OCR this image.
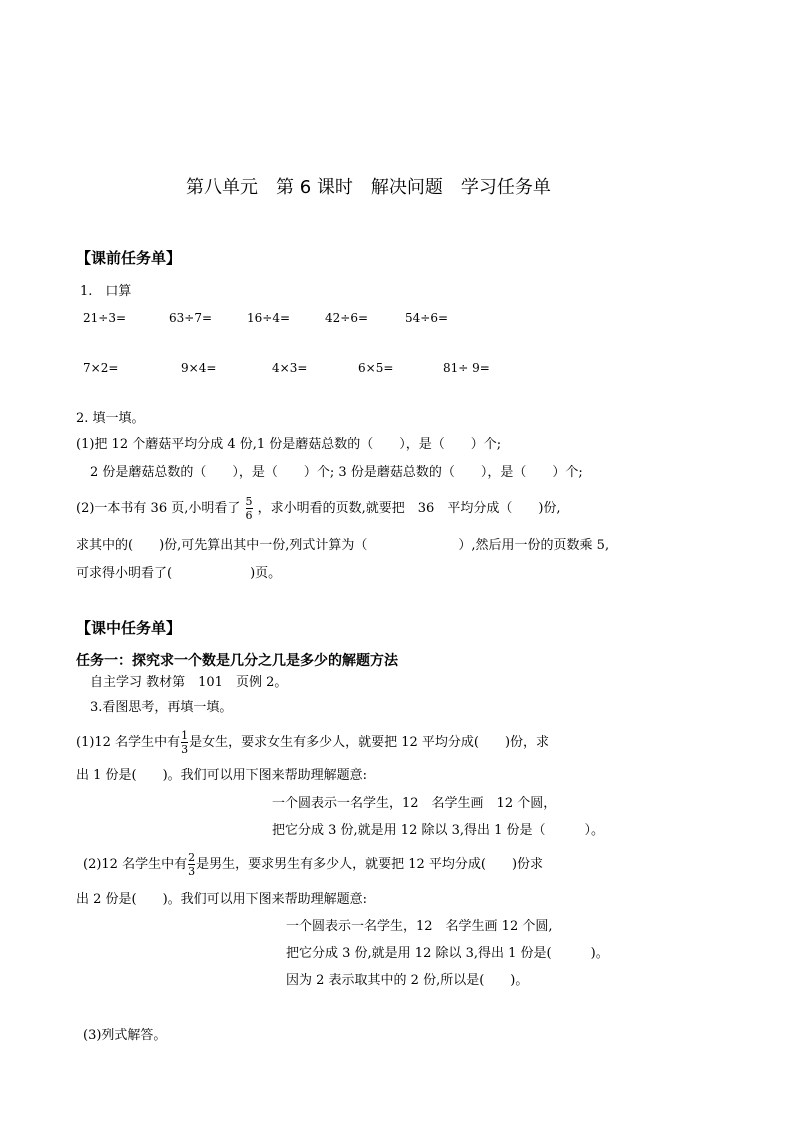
第八单元　第 6 课时　解决问题　学习任务单
【课前任务单】
1.　口算
21÷3=	63÷7=	16÷4=	42÷6=	54÷6=
7×2=	9×4=	4×3=	6×5=	81÷ 9=
2. 填一填。
(1)把 12 个蘑菇平均分成 4 份,1 份是蘑菇总数的（　　），是（　　）个;
2 份是蘑菇总数的（　　），是（　　）个; 3 份是蘑菇总数的（　　），是（　　）个;
(2)一本书有 36 页,小明看了 $\frac{5}{6}$ ，求小明看的页数,就要把　36　平均分成（　　)份,
求其中的(　　)份,可先算出其中一份,列式计算为（　　　　　　　）,然后用一份的页数乘 5,
可求得小明看了(　　　　　　)页。
【课中任务单】
任务一：探究求一个数是几分之几是多少的解题方法
自主学习 教材第　101　页例 2。
3.看图思考，再填一填。
(1)12 名学生中有 $\frac{1}{3}$ 是女生，要求女生有多少人，就要把 12 平均分成(　　)份，求
出 1 份是(　　)。我们可以用下图来帮助理解题意:
一个圆表示一名学生，12　名学生画　12 个圆，
把它分成 3 份,就是用 12 除以 3,得出 1 份是（　　　）。
(2)12 名学生中有 $\frac{2}{3}$ 是男生，要求男生有多少人，就要把 12 平均分成(　　)份求
出 2 份是(　　)。我们可以用下图来帮助理解题意:
一个圆表示一名学生，12　名学生画 12 个圆,
把它分成 3 份,就是用 12 除以 3,得出 1 份是(　　　)。
因为 2 表示取其中的 2 份,所以是(　　)。
(3)列式解答。
